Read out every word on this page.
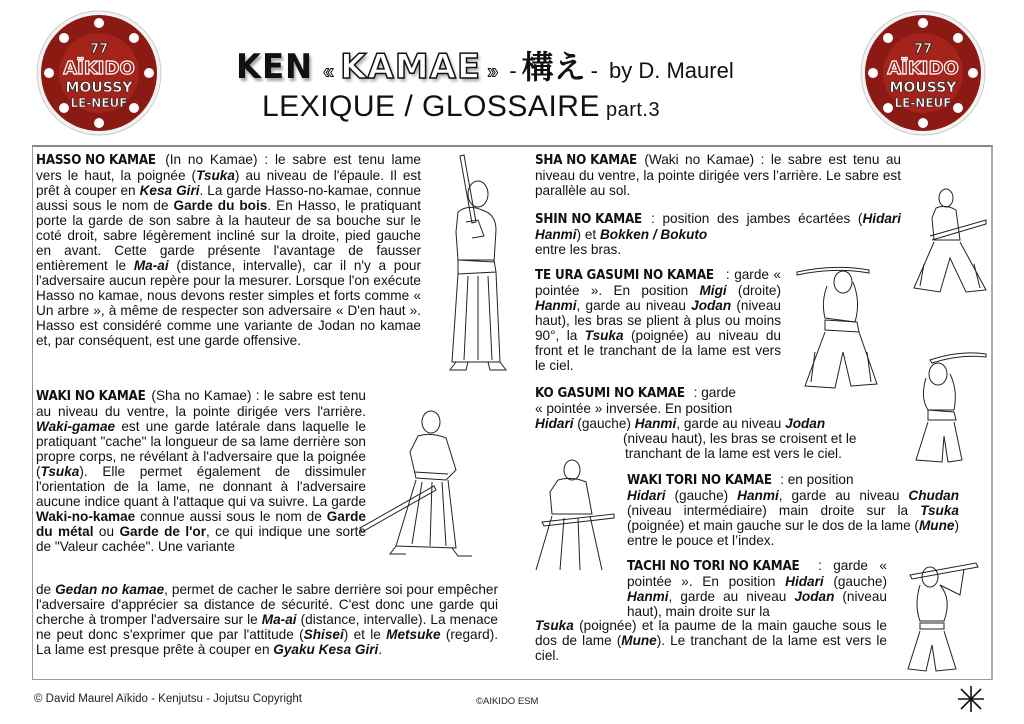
77
AÏKIDO
MOUSSY
LE-NEUF
77
AÏKIDO
MOUSSY
LE-NEUF
KEN « KAMAE » - 構え - by D. Maurel
LEXIQUE / GLOSSAIRE part.3

HASSO NO KAMAE (In no Kamae) : le sabre est tenu lame vers le haut, la poignée (Tsuka) au niveau de l'épaule. Il est prêt à couper en Kesa Giri. La garde Hasso-no-kamae, connue aussi sous le nom de Garde du bois. En Hasso, le pratiquant porte la garde de son sabre à la hauteur de sa bouche sur le coté droit, sabre légèrement incliné sur la droite, pied gauche en avant. Cette garde présente l'avantage de fausser entièrement le Ma-ai (distance, intervalle), car il n'y a pour l'adversaire aucun repère pour la mesurer. Lorsque l'on exécute Hasso no kamae, nous devons rester simples et forts comme « Un arbre », à même de respecter son adversaire « D'en haut ». Hasso est considéré comme une variante de Jodan no kamae et, par conséquent, est une garde offensive.

WAKI NO KAMAE (Sha no Kamae) : le sabre est tenu au niveau du ventre, la pointe dirigée vers l'arrière. Waki-gamae est une garde latérale dans laquelle le pratiquant "cache" la longueur de sa lame derrière son propre corps, ne révélant à l'adversaire que la poignée (Tsuka). Elle permet également de dissimuler l'orientation de la lame, ne donnant à l'adversaire aucune indice quant à l'attaque qui va suivre. La garde Waki-no-kamae connue aussi sous le nom de Garde du métal ou Garde de l'or, ce qui indique une sorte de "Valeur cachée". Une variante

de Gedan no kamae, permet de cacher le sabre derrière soi pour empêcher l'adversaire d'apprécier sa distance de sécurité. C'est donc une garde qui cherche à tromper l'adversaire sur le Ma-ai (distance, intervalle). La menace ne peut donc s'exprimer que par l'attitude (Shisei) et le Metsuke (regard). La lame est presque prête à couper en Gyaku Kesa Giri.

SHA NO KAMAE (Waki no Kamae) : le sabre est tenu au niveau du ventre, la pointe dirigée vers l’arrière. Le sabre est parallèle au sol.

SHIN NO KAMAE : position des jambes écartées (Hidari Hanmi) et Bokken / Bokuto

entre les bras.

TE URA GASUMI NO KAMAE : garde « pointée ». En position Migi (droite) Hanmi, garde au niveau Jodan (niveau haut), les bras se plient à plus ou moins 90°, la Tsuka (poignée) au niveau du front et le tranchant de la lame est vers le ciel.

KO GASUMI NO KAMAE : garde

« pointée » inversée. En position

Hidari (gauche) Hanmi, garde au niveau Jodan

(niveau haut), les bras se croisent et le

tranchant de la lame est vers le ciel.

WAKI TORI NO KAMAE : en position

Hidari (gauche) Hanmi, garde au niveau Chudan (niveau intermédiaire) main droite sur la Tsuka (poignée) et main gauche sur le dos de la lame (Mune) entre le pouce et l’index.

TACHI NO TORI NO KAMAE : garde « pointée ». En position Hidari (gauche) Hanmi, garde au niveau Jodan (niveau haut), main droite sur la

Tsuka (poignée) et la paume de la main gauche sous le dos de lame (Mune). Le tranchant de la lame est vers le ciel.

© David Maurel Aïkido - Kenjutsu - Jojutsu Copyright	©AIKIDO ESM
